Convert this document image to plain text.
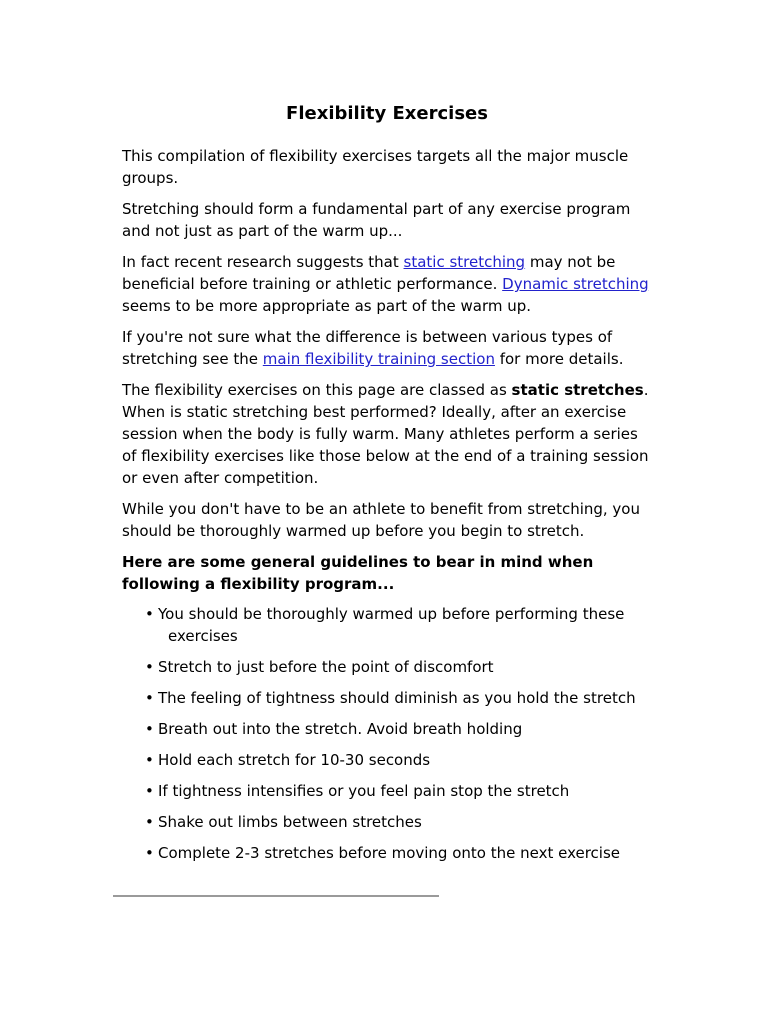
Flexibility Exercises

This compilation of flexibility exercises targets all the major muscle groups.

Stretching should form a fundamental part of any exercise program and not just as part of the warm up...

In fact recent research suggests that static stretching may not be beneficial before training or athletic performance. Dynamic stretching seems to be more appropriate as part of the warm up.

If you're not sure what the difference is between various types of stretching see the main flexibility training section for more details.

The flexibility exercises on this page are classed as static stretches. When is static stretching best performed? Ideally, after an exercise session when the body is fully warm. Many athletes perform a series of flexibility exercises like those below at the end of a training session or even after competition.

While you don't have to be an athlete to benefit from stretching, you should be thoroughly warmed up before you begin to stretch.

Here are some general guidelines to bear in mind when following a flexibility program...
• You should be thoroughly warmed up before performing these
exercises
• Stretch to just before the point of discomfort
• The feeling of tightness should diminish as you hold the stretch
• Breath out into the stretch. Avoid breath holding
• Hold each stretch for 10-30 seconds
• If tightness intensifies or you feel pain stop the stretch
• Shake out limbs between stretches
• Complete 2-3 stretches before moving onto the next exercise
